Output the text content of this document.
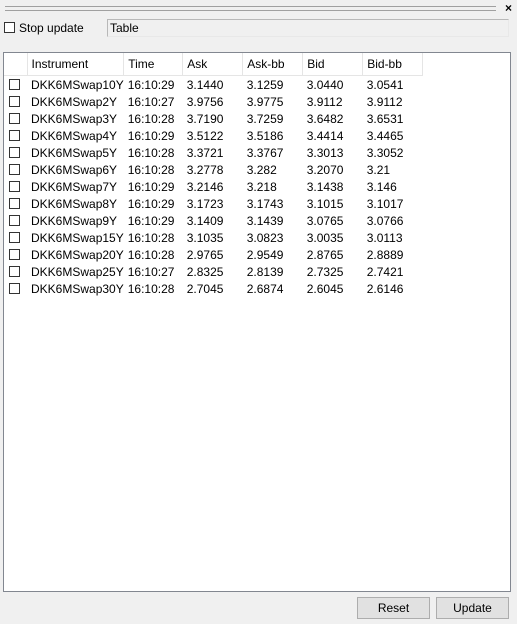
×
Stop update Table
	Instrument	Time	Ask	Ask-bb	Bid	Bid-bb

	DKK6MSwap10Y	16:10:29	3.1440	3.1259	3.0440	3.0541

	DKK6MSwap2Y	16:10:27	3.9756	3.9775	3.9112	3.9112

	DKK6MSwap3Y	16:10:28	3.7190	3.7259	3.6482	3.6531

	DKK6MSwap4Y	16:10:29	3.5122	3.5186	3.4414	3.4465

	DKK6MSwap5Y	16:10:28	3.3721	3.3767	3.3013	3.3052

	DKK6MSwap6Y	16:10:28	3.2778	3.282	3.2070	3.21

	DKK6MSwap7Y	16:10:29	3.2146	3.218	3.1438	3.146

	DKK6MSwap8Y	16:10:29	3.1723	3.1743	3.1015	3.1017

	DKK6MSwap9Y	16:10:29	3.1409	3.1439	3.0765	3.0766

	DKK6MSwap15Y	16:10:28	3.1035	3.0823	3.0035	3.0113

	DKK6MSwap20Y	16:10:28	2.9765	2.9549	2.8765	2.8889

	DKK6MSwap25Y	16:10:27	2.8325	2.8139	2.7325	2.7421

	DKK6MSwap30Y	16:10:28	2.7045	2.6874	2.6045	2.6146
Reset	Update
